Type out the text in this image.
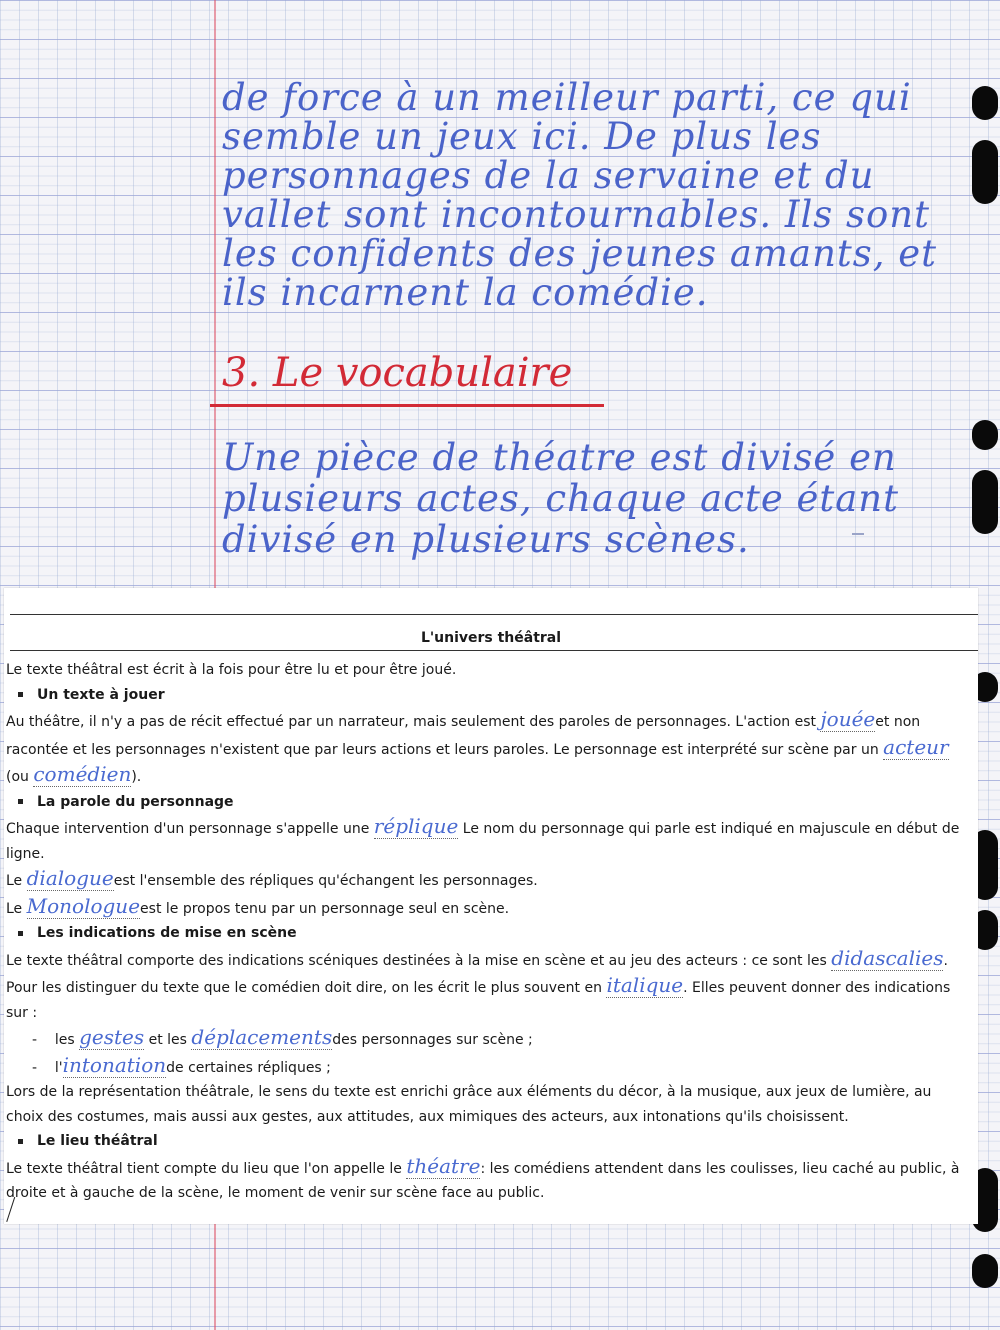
de force à un meilleur parti, ce qui semble un jeux ici. De plus les personnages de la servaine et du vallet sont incontournables. Ils sont les confidents des jeunes amants, et ils incarnent la comédie.
3. Le vocabulaire
Une pièce de théatre est divisé en plusieurs actes, chaque acte étant divisé en plusieurs scènes.
L'univers théâtral

Le texte théâtral est écrit à la fois pour être lu et pour être joué.

Un texte à jouer

Au théâtre, il n'y a pas de récit effectué par un narrateur, mais seulement des paroles de personnages. L'action est jouéeet non racontée et les personnages n'existent que par leurs actions et leurs paroles. Le personnage est interprété sur scène par un acteur (ou comédien).

La parole du personnage

Chaque intervention d'un personnage s'appelle une réplique Le nom du personnage qui parle est indiqué en majuscule en début de ligne.

Le dialogueest l'ensemble des répliques qu'échangent les personnages.

Le Monologueest le propos tenu par un personnage seul en scène.

Les indications de mise en scène

Le texte théâtral comporte des indications scéniques destinées à la mise en scène et au jeu des acteurs : ce sont les didascalies. Pour les distinguer du texte que le comédien doit dire, on les écrit le plus souvent en italique. Elles peuvent donner des indications sur :

-    les gestes et les déplacementsdes personnages sur scène ;

-    l'intonationde certaines répliques ;

Lors de la représentation théâtrale, le sens du texte est enrichi grâce aux éléments du décor, à la musique, aux jeux de lumière, au choix des costumes, mais aussi aux gestes, aux attitudes, aux mimiques des acteurs, aux intonations qu'ils choisissent.

Le lieu théâtral

Le texte théâtral tient compte du lieu que l'on appelle le théatre: les comédiens attendent dans les coulisses, lieu caché au public, à droite et à gauche de la scène, le moment de venir sur scène face au public.
